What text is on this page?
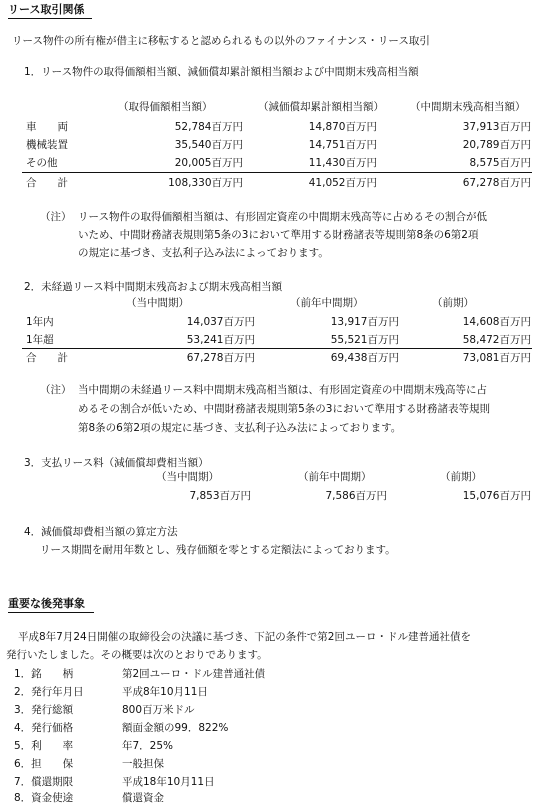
リース取引関係
リース物件の所有権が借主に移転すると認められるもの以外のファイナンス・リース取引
1．リース物件の取得価額相当額、減価償却累計額相当額および中間期末残高相当額
（取得価額相当額）	（減価償却累計額相当額） （中間期末残高相当額）
車　　両	52,784百万円	14,870百万円	37,913百万円
機械装置	35,540百万円	14,751百万円	20,789百万円
その他	20,005百万円	11,430百万円	8,575百万円
合　　計	108,330百万円	41,052百万円	67,278百万円
（注） リース物件の取得価額相当額は、有形固定資産の中間期末残高等に占めるその割合が低
いため、中間財務諸表規則第5条の3において準用する財務諸表等規則第8条の6第2項
の規定に基づき、支払利子込み法によっております。
2．未経過リース料中間期末残高および期末残高相当額
（当中間期）	（前年中間期）	（前期）
1年内	14,037百万円	13,917百万円	14,608百万円
1年超	53,241百万円	55,521百万円	58,472百万円
合　　計	67,278百万円	69,438百万円	73,081百万円
（注） 当中間期の未経過リース料中間期末残高相当額は、有形固定資産の中間期末残高等に占
めるその割合が低いため、中間財務諸表規則第5条の3において準用する財務諸表等規則
第8条の6第2項の規定に基づき、支払利子込み法によっております。
3．支払リース料（減価償却費相当額）
（当中間期）	（前年中間期）	（前期）
7,853百万円	7,586百万円	15,076百万円
4．減価償却費相当額の算定方法
リース期間を耐用年数とし、残存価額を零とする定額法によっております。
重要な後発事象
平成8年7月24日開催の取締役会の決議に基づき、下記の条件で第2回ユーロ・ドル建普通社債を
発行いたしました。その概要は次のとおりであります。
1．銘　　柄	第2回ユーロ・ドル建普通社債
2．発行年月日	平成8年10月11日
3．発行総額	800百万米ドル
4．発行価格	額面金額の99．822%
5．利　　率	年7．25%
6．担　　保	一般担保
7．償還期限	平成18年10月11日
8．資金使途	償還資金
